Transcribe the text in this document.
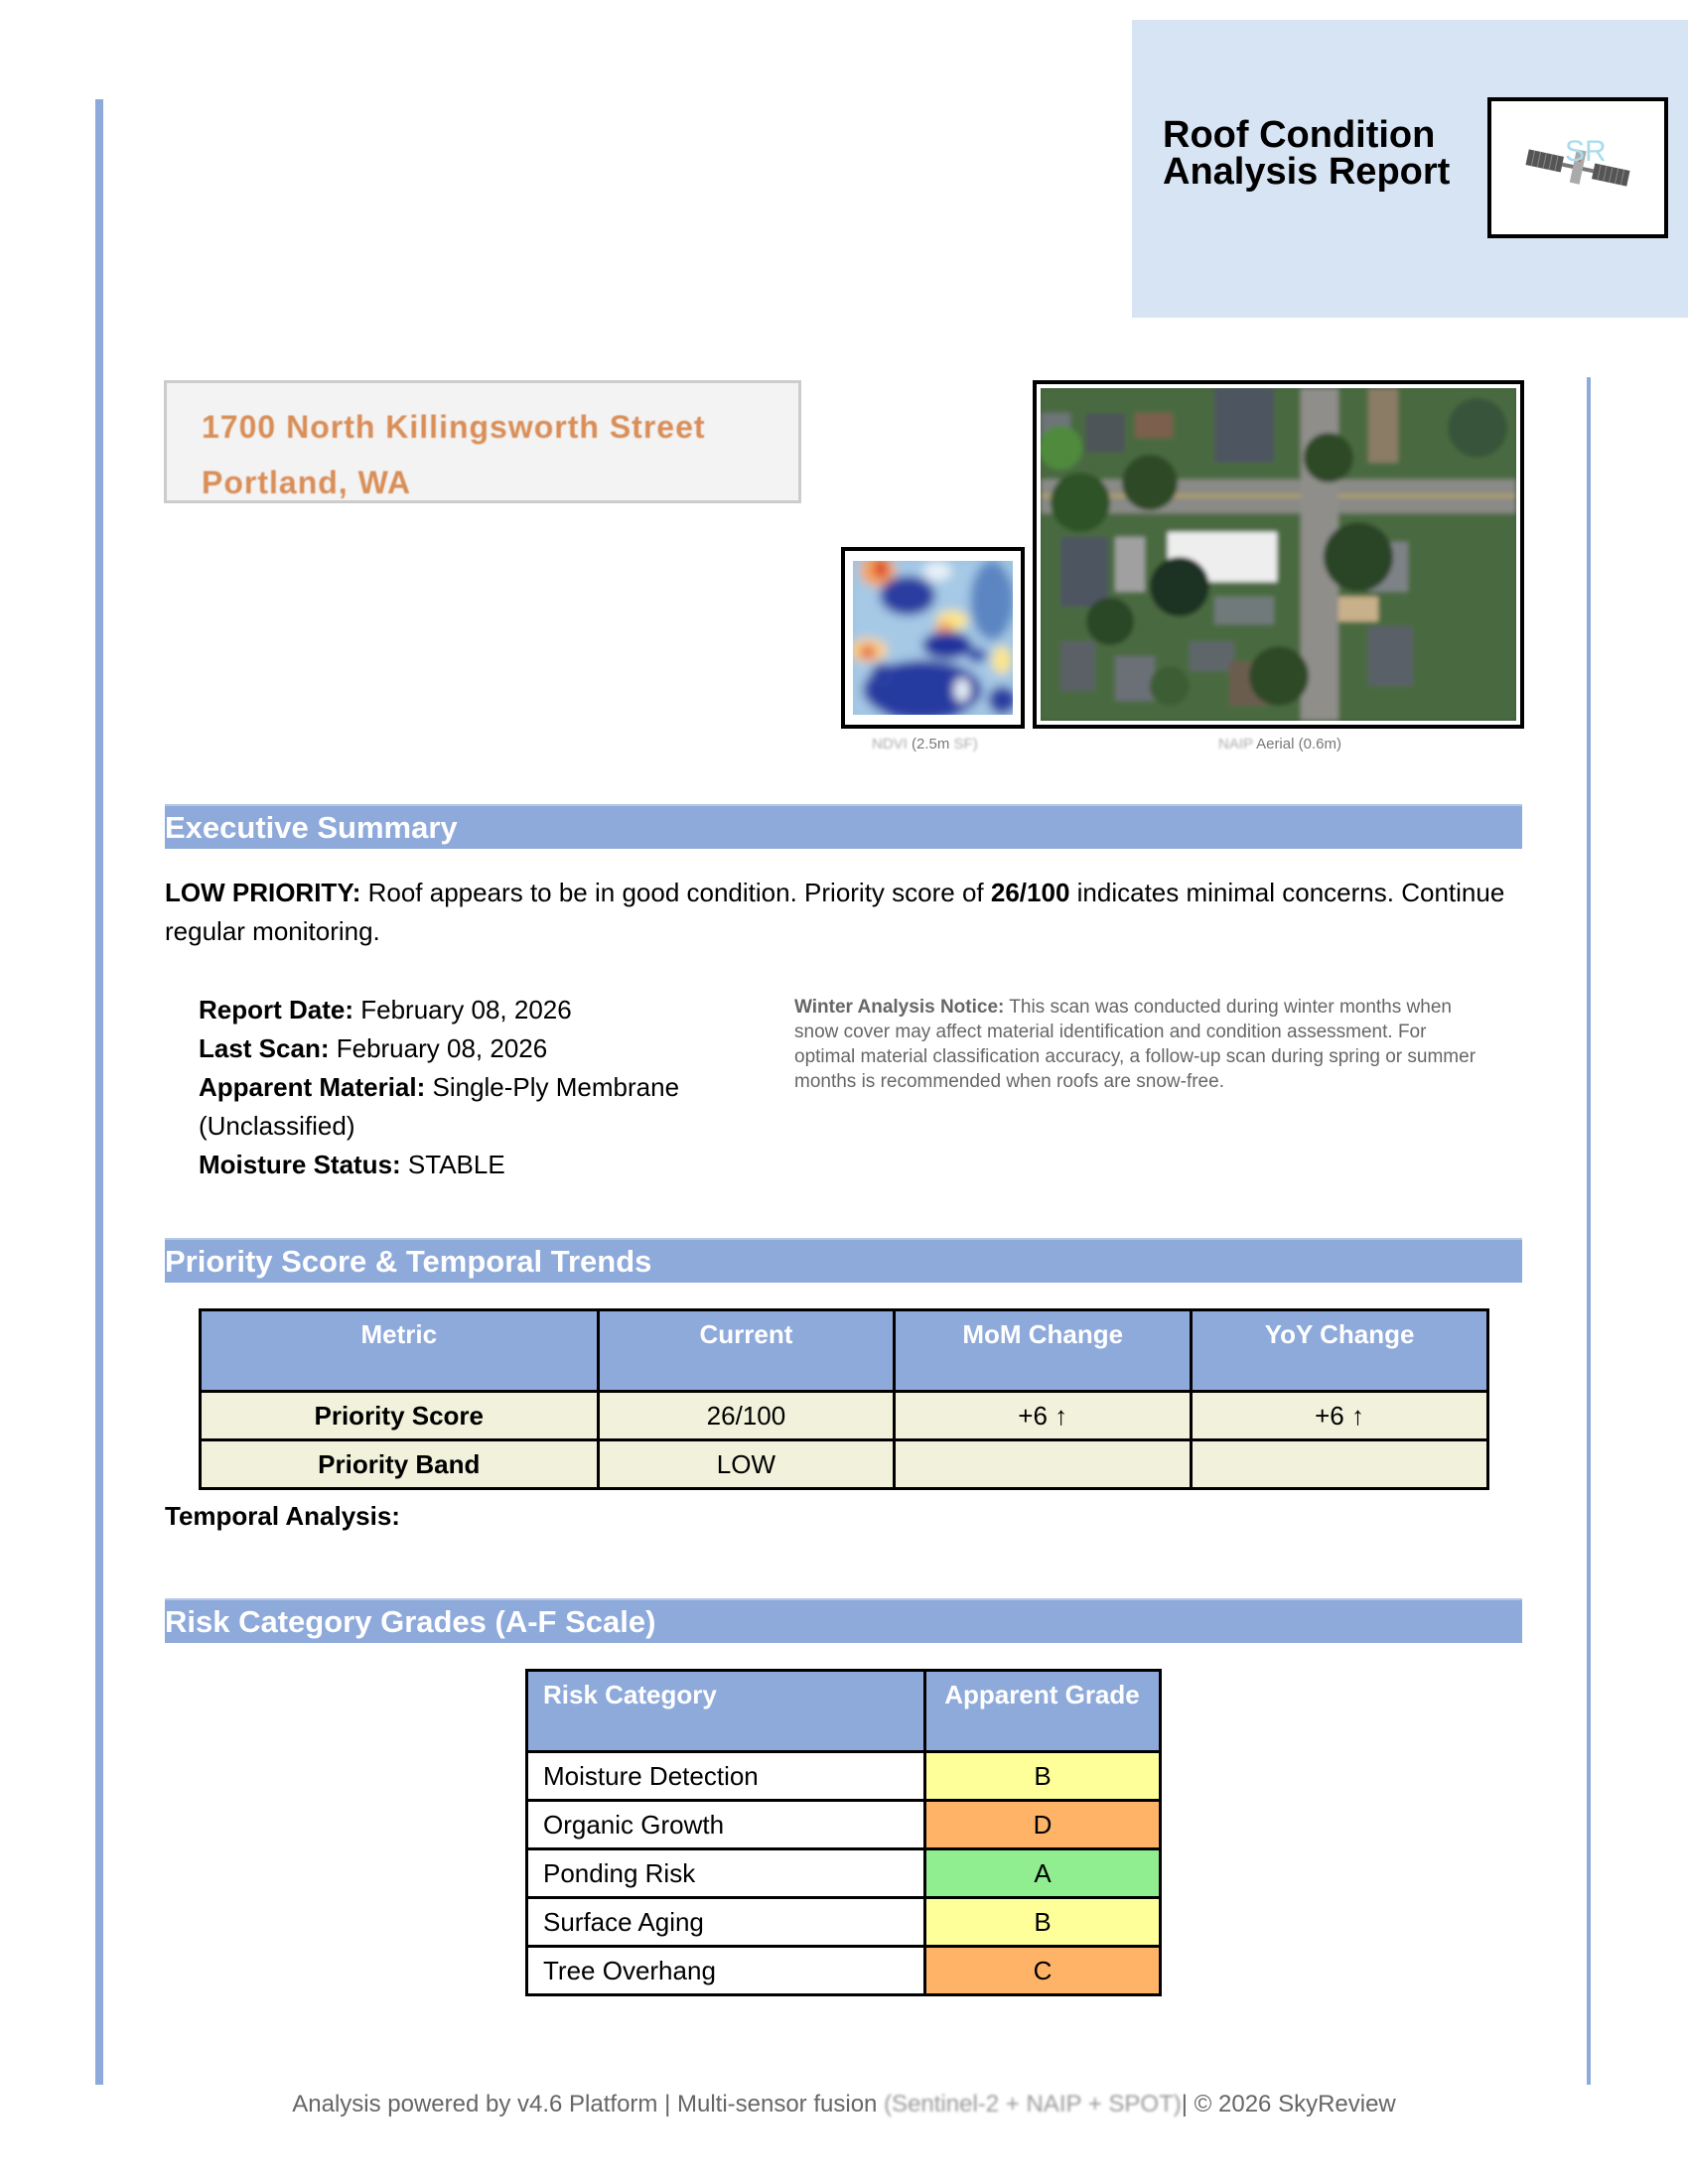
Roof Condition
Analysis Report	SR
1700 North Killingsworth Street
Portland, WA
NDVI (2.5m SF)	NAIP Aerial (0.6m)
Executive Summary
LOW PRIORITY: Roof appears to be in good condition. Priority score of 26/100 indicates minimal concerns. Continue regular monitoring.
Report Date: February 08, 2026
Last Scan: February 08, 2026
Apparent Material: Single-Ply Membrane (Unclassified)
Moisture Status: STABLE
Winter Analysis Notice: This scan was conducted during winter months when snow cover may affect material identification and condition assessment. For optimal material classification accuracy, a follow-up scan during spring or summer months is recommended when roofs are snow-free.
Priority Score & Temporal Trends
Metric	Current	MoM Change	YoY Change
Priority Score	26/100	+6 ↑	+6 ↑
Priority Band	LOW		
Temporal Analysis:
Risk Category Grades (A-F Scale)
Risk Category	Apparent Grade
Moisture Detection	B
Organic Growth	D
Ponding Risk	A
Surface Aging	B
Tree Overhang	C
Analysis powered by v4.6 Platform | Multi-sensor fusion (Sentinel-2 + NAIP + SPOT)| © 2026 SkyReview
